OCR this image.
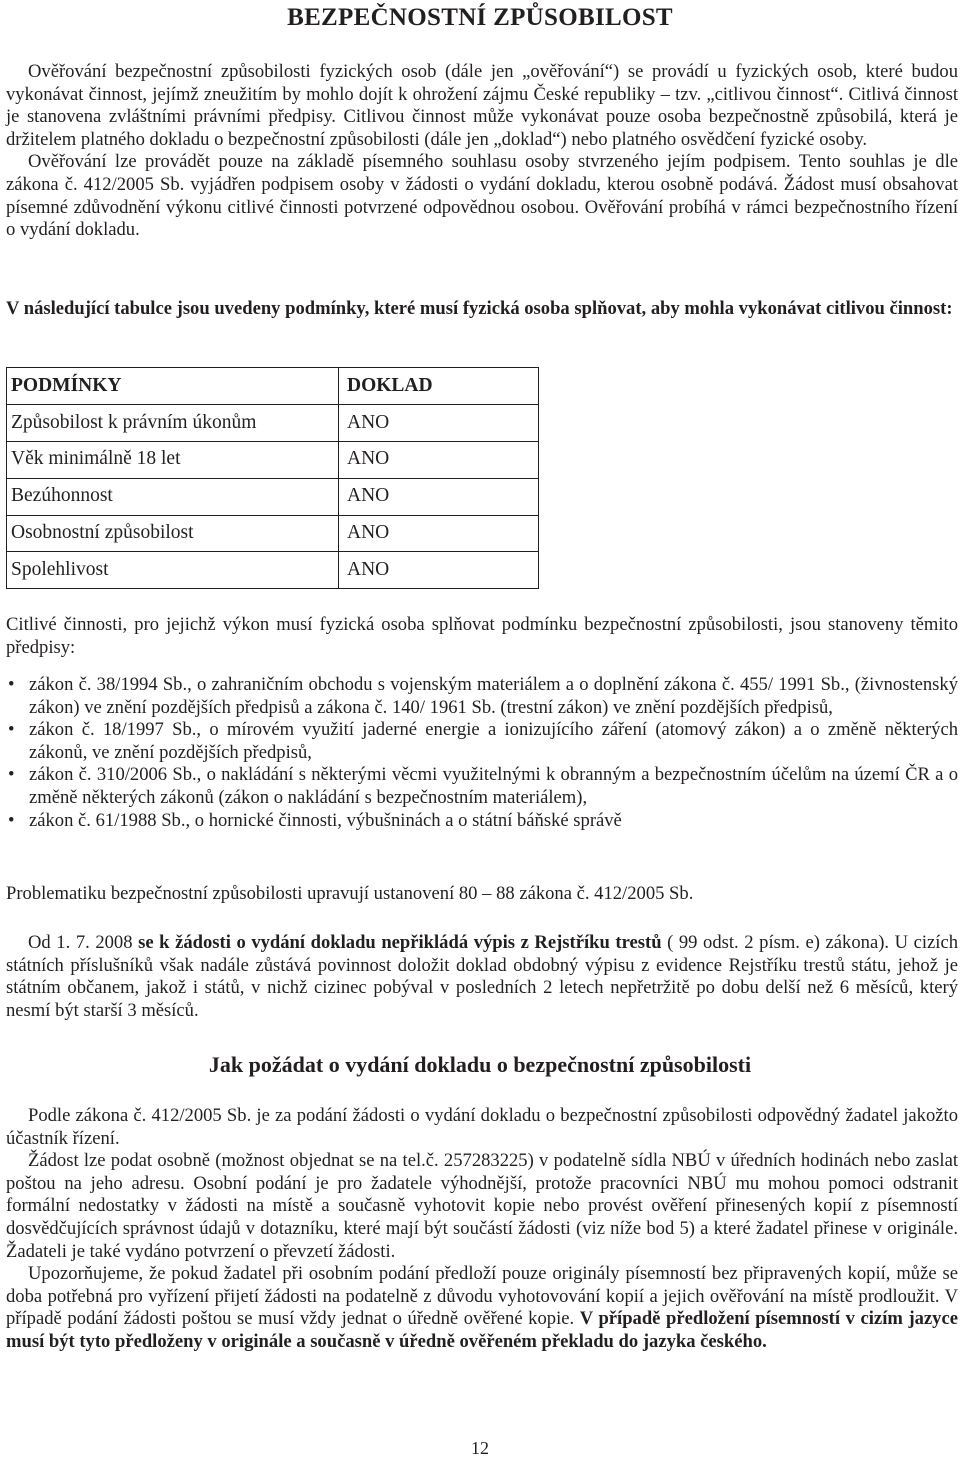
BEZPEČNOSTNÍ ZPŮSOBILOST

Ověřování bezpečnostní způsobilosti fyzických osob (dále jen „ověřování“) se provádí u fyzických osob, které budou vykonávat činnost, jejímž zneužitím by mohlo dojít k ohrožení zájmu České republiky – tzv. „citlivou činnost“. Citlivá činnost je stanovena zvláštními právními předpisy. Citlivou činnost může vykonávat pouze osoba bezpečnostně způsobilá, která je držitelem platného dokladu o bezpečnostní způsobilosti (dále jen „doklad“) nebo platného osvědčení fyzické osoby.

Ověřování lze provádět pouze na základě písemného souhlasu osoby stvrzeného jejím podpisem. Tento souhlas je dle zákona č. 412/2005 Sb. vyjádřen podpisem osoby v žádosti o vydání dokladu, kterou osobně podává. Žádost musí obsahovat písemné zdůvodnění výkonu citlivé činnosti potvrzené odpovědnou osobou. Ověřování probíhá v rámci bezpečnostního řízení o vydání dokladu.

V následující tabulce jsou uvedeny podmínky, které musí fyzická osoba splňovat, aby mohla vykonávat citlivou činnost:
PODMÍNKY	DOKLAD
Způsobilost k právním úkonům	ANO
Věk minimálně 18 let	ANO
Bezúhonnost	ANO
Osobnostní způsobilost	ANO
Spolehlivost	ANO
Citlivé činnosti, pro jejichž výkon musí fyzická osoba splňovat podmínku bezpečnostní způsobilosti, jsou stanoveny těmito předpisy:
• zákon č. 38/1994 Sb., o zahraničním obchodu s vojenským materiálem a o doplnění zákona č. 455/ 1991 Sb., (živnostenský zákon) ve znění pozdějších předpisů a zákona č. 140/ 1961 Sb. (trestní zákon) ve znění pozdějších předpisů,
• zákon č. 18/1997 Sb., o mírovém využití jaderné energie a ionizujícího záření (atomový zákon) a o změně některých zákonů, ve znění pozdějších předpisů,
• zákon č. 310/2006 Sb., o nakládání s některými věcmi využitelnými k obranným a bezpečnostním účelům na území ČR a o změně některých zákonů (zákon o nakládání s bezpečnostním materiálem),
• zákon č. 61/1988 Sb., o hornické činnosti, výbušninách a o státní báňské správě
Problematiku bezpečnostní způsobilosti upravují ustanovení 80 – 88 zákona č. 412/2005 Sb.

Od 1. 7. 2008 se k žádosti o vydání dokladu nepřikládá výpis z Rejstříku trestů ( 99 odst. 2 písm. e) zákona). U cizích státních příslušníků však nadále zůstává povinnost doložit doklad obdobný výpisu z evidence Rejstříku trestů státu, jehož je státním občanem, jakož i států, v nichž cizinec pobýval v posledních 2 letech nepřetržitě po dobu delší než 6 měsíců, který nesmí být starší 3 měsíců.

Jak požádat o vydání dokladu o bezpečnostní způsobilosti

Podle zákona č. 412/2005 Sb. je za podání žádosti o vydání dokladu o bezpečnostní způsobilosti odpovědný žadatel jakožto účastník řízení.

Žádost lze podat osobně (možnost objednat se na tel.č. 257283225) v podatelně sídla NBÚ v úředních hodinách nebo zaslat poštou na jeho adresu. Osobní podání je pro žadatele výhodnější, protože pracovníci NBÚ mu mohou pomoci odstranit formální nedostatky v žádosti na místě a současně vyhotovit kopie nebo provést ověření přinesených kopií z písemností dosvědčujících správnost údajů v dotazníku, které mají být součástí žádosti (viz níže bod 5) a které žadatel přinese v originále. Žadateli je také vydáno potvrzení o převzetí žádosti.

Upozorňujeme, že pokud žadatel při osobním podání předloží pouze originály písemností bez připravených kopií, může se doba potřebná pro vyřízení přijetí žádosti na podatelně z důvodu vyhotovování kopií a jejich ověřování na místě prodloužit. V případě podání žádosti poštou se musí vždy jednat o úředně ověřené kopie. V případě předložení písemností v cizím jazyce musí být tyto předloženy v originále a současně v úředně ověřeném překladu do jazyka českého.

12
